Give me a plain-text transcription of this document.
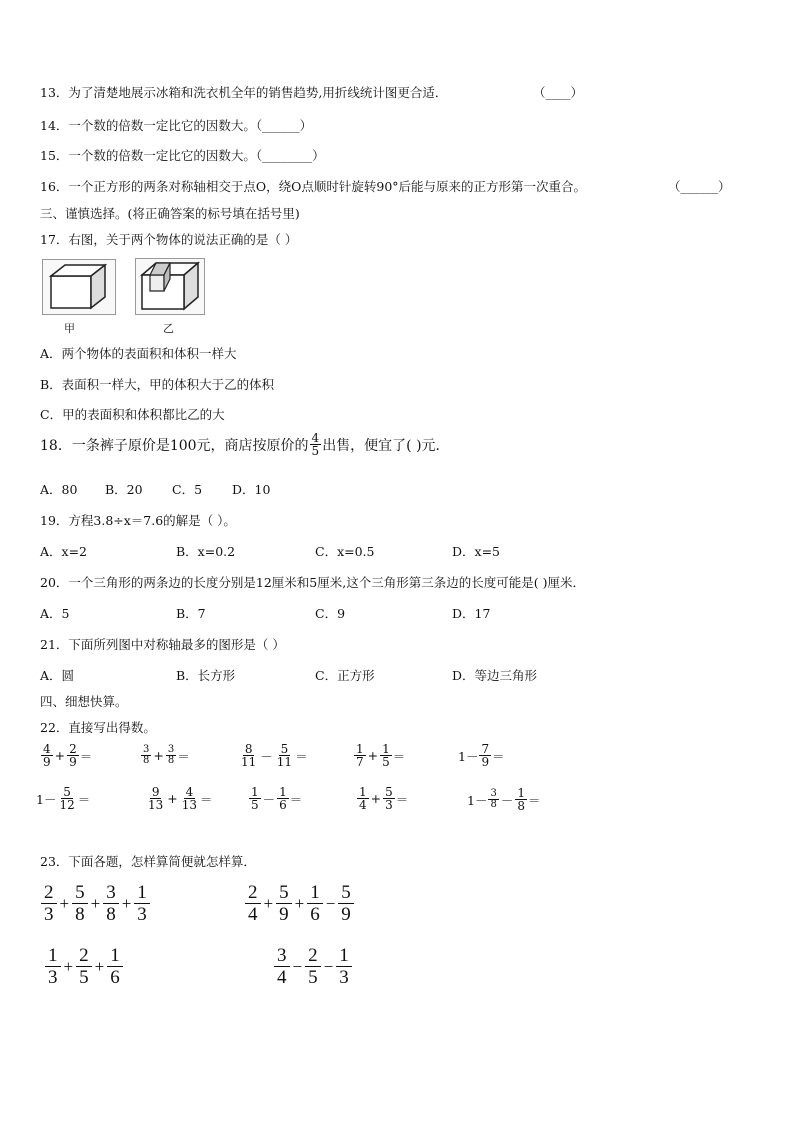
13．为了清楚地展示冰箱和洗衣机全年的销售趋势,用折线统计图更合适．	（____）
14．一个数的倍数一定比它的因数大。（______）
15．一个数的倍数一定比它的因数大。（________）
16．一个正方形的两条对称轴相交于点O，绕O点顺时针旋转90°后能与原来的正方形第一次重合。	（______）
三、谨慎选择。(将正确答案的标号填在括号里)
17．右图，关于两个物体的说法正确的是（ ）
甲	乙
A．两个物体的表面积和体积一样大
B．表面积一样大，甲的体积大于乙的体积
C．甲的表面积和体积都比乙的大
18．一条裤子原价是100元，商店按原价的 $\frac{4}{5}$ 出售，便宜了( )元．
A．80 B．20 C．5 D．10
19．方程3.8÷x＝7.6的解是（ ）。
A．x=2	B．x=0.2	C．x=0.5	D．x=5
20．一个三角形的两条边的长度分别是12厘米和5厘米,这个三角形第三条边的长度可能是( )厘米．
A．5	B．7	C．9	D．17
21．下面所列图中对称轴最多的图形是（ ）
A．圆	B．长方形	C．正方形	D．等边三角形
四、细想快算。
22．直接写出得数。
$\frac{4}{9} + \frac{2}{9}$ ＝	$\frac{3}{8} + \frac{3}{8}$ ＝	$\frac{8}{11} - \frac{5}{11}$ ＝	$\frac{1}{7} + \frac{1}{5}$ ＝	$1- \frac{7}{9}$ ＝
$1- \frac{5}{12}$ ＝	$\frac{9}{13} + \frac{4}{13}$ ＝	$\frac{1}{5} - \frac{1}{6}$ ＝	$\frac{1}{4} + \frac{5}{3}$ ＝	$1- \frac{3}{8} - \frac{1}{8}$ ＝
23．下面各题，怎样算简便就怎样算．
$\frac{2}{3} + \frac{5}{8} + \frac{3}{8} + \frac{1}{3}$	$\frac{2}{4} + \frac{5}{9} + \frac{1}{6} - \frac{5}{9}$
$\frac{1}{3} + \frac{2}{5} + \frac{1}{6}$	$\frac{3}{4} - \frac{2}{5} - \frac{1}{3}$
